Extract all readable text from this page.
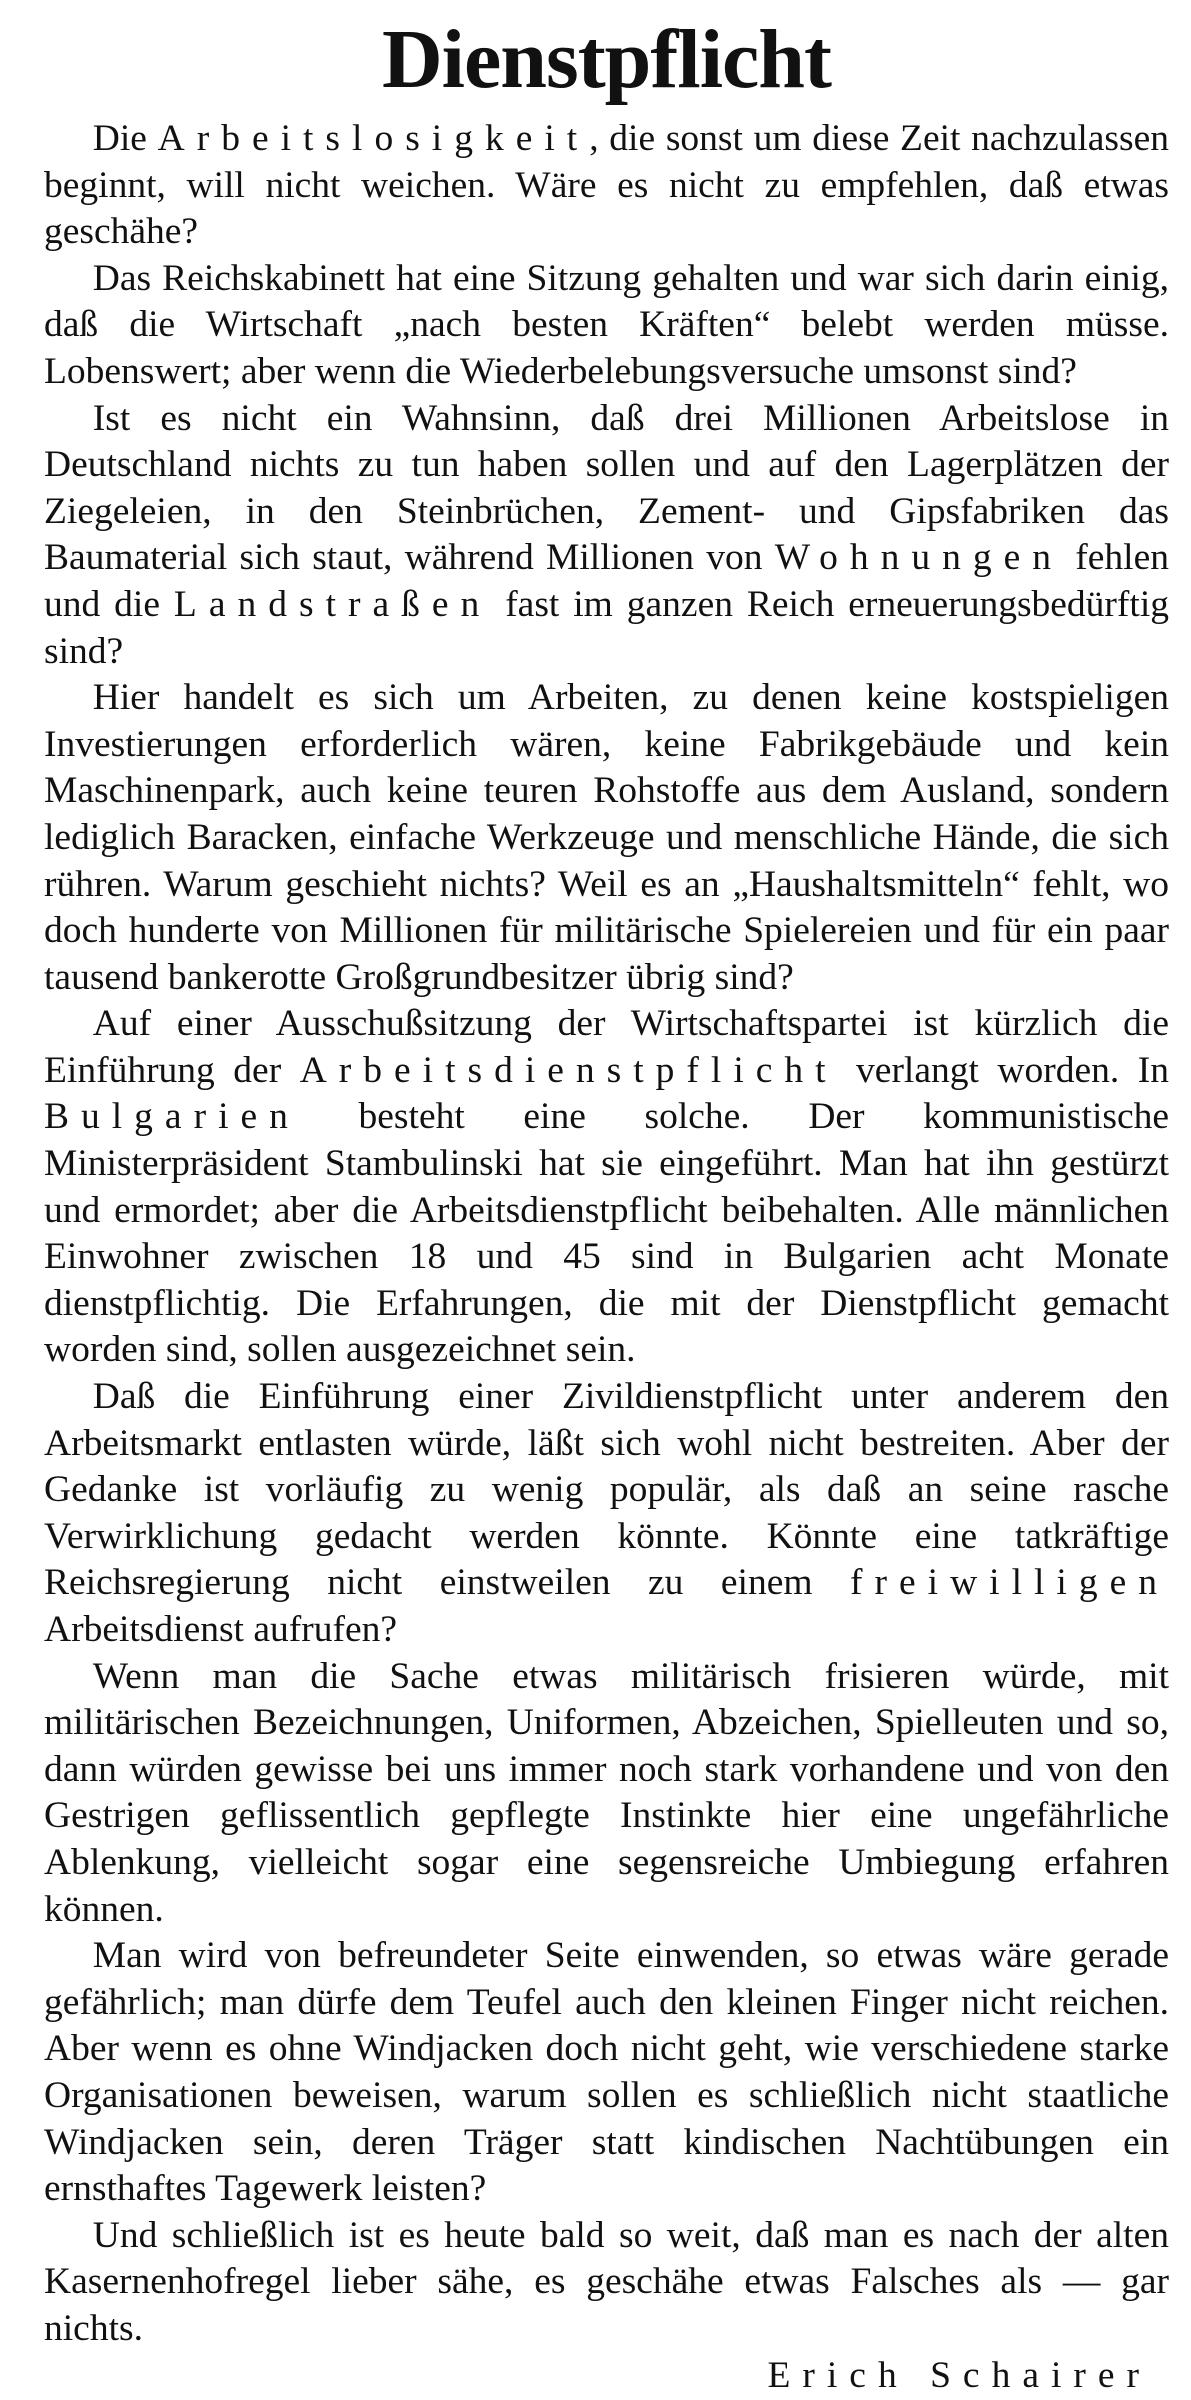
Dienstpflicht

Die Arbeitslosigkeit, die sonst um diese Zeit nachzulassen beginnt, will nicht weichen. Wäre es nicht zu empfehlen, daß etwas geschähe?

Das Reichskabinett hat eine Sitzung gehalten und war sich darin einig, daß die Wirtschaft „nach besten Kräften“ belebt werden müsse. Lobenswert; aber wenn die Wiederbelebungsversuche umsonst sind?

Ist es nicht ein Wahnsinn, daß drei Millionen Arbeitslose in Deutschland nichts zu tun haben sollen und auf den Lagerplätzen der Ziegeleien, in den Steinbrüchen, Zement- und Gipsfabriken das Baumaterial sich staut, während Millionen von Wohnungen fehlen und die Landstraßen fast im ganzen Reich erneuerungsbedürftig sind?

Hier handelt es sich um Arbeiten, zu denen keine kostspieligen Investierungen erforderlich wären, keine Fabrikgebäude und kein Maschinenpark, auch keine teuren Rohstoffe aus dem Ausland, sondern lediglich Baracken, einfache Werkzeuge und menschliche Hände, die sich rühren. Warum geschieht nichts? Weil es an „Haushaltsmitteln“ fehlt, wo doch hunderte von Millionen für militärische Spielereien und für ein paar tausend bankerotte Großgrundbesitzer übrig sind?

Auf einer Ausschußsitzung der Wirtschaftspartei ist kürzlich die Einführung der Arbeitsdienstpflicht verlangt worden. In Bulgarien besteht eine solche. Der kommunistische Ministerpräsident Stambulinski hat sie eingeführt. Man hat ihn gestürzt und ermordet; aber die Arbeitsdienstpflicht beibehalten. Alle männlichen Einwohner zwischen 18 und 45 sind in Bulgarien acht Monate dienstpflichtig. Die Erfahrungen, die mit der Dienstpflicht gemacht worden sind, sollen ausgezeichnet sein.

Daß die Einführung einer Zivildienstpflicht unter anderem den Arbeitsmarkt entlasten würde, läßt sich wohl nicht bestreiten. Aber der Gedanke ist vorläufig zu wenig populär, als daß an seine rasche Verwirklichung gedacht werden könnte. Könnte eine tatkräftige Reichsregierung nicht einstweilen zu einem freiwilligen Arbeitsdienst aufrufen?

Wenn man die Sache etwas militärisch frisieren würde, mit militärischen Bezeichnungen, Uniformen, Abzeichen, Spielleuten und so, dann würden gewisse bei uns immer noch stark vorhandene und von den Gestrigen geflissentlich gepflegte Instinkte hier eine ungefährliche Ablenkung, vielleicht sogar eine segensreiche Umbiegung erfahren können.

Man wird von befreundeter Seite einwenden, so etwas wäre gerade gefährlich; man dürfe dem Teufel auch den kleinen Finger nicht reichen. Aber wenn es ohne Windjacken doch nicht geht, wie verschiedene starke Organisationen beweisen, warum sollen es schließlich nicht staatliche Windjacken sein, deren Träger statt kindischen Nachtübungen ein ernsthaftes Tagewerk leisten?

Und schließlich ist es heute bald so weit, daß man es nach der alten Kasernenhofregel lieber sähe, es geschähe etwas Falsches als — gar nichts.

Erich Schairer
